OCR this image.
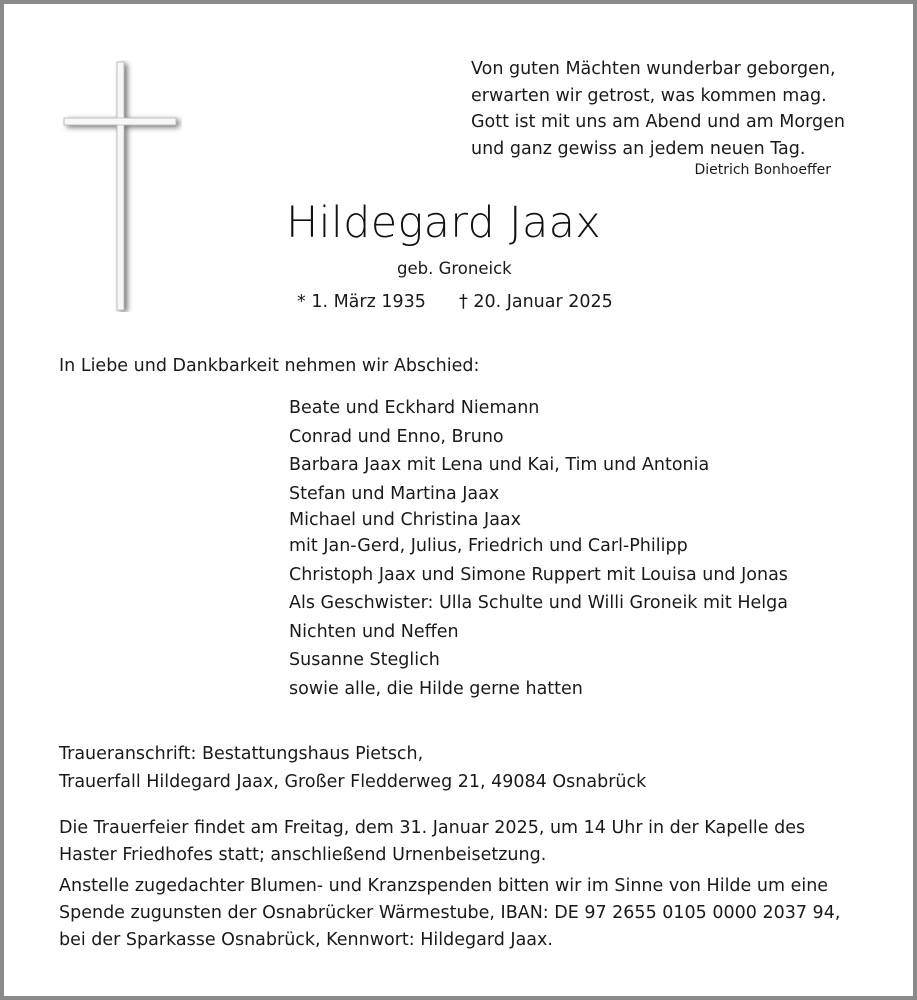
Von guten Mächten wunderbar geborgen,
erwarten wir getrost, was kommen mag.
Gott ist mit uns am Abend und am Morgen
und ganz gewiss an jedem neuen Tag.
Dietrich Bonhoeffer
Hildegard Jaax
geb. Groneick
* 1. März 1935 † 20. Januar 2025
In Liebe und Dankbarkeit nehmen wir Abschied:
Beate und Eckhard Niemann
Conrad und Enno, Bruno
Barbara Jaax mit Lena und Kai, Tim und Antonia
Stefan und Martina Jaax
Michael und Christina Jaax
mit Jan-Gerd, Julius, Friedrich und Carl-Philipp
Christoph Jaax und Simone Ruppert mit Louisa und Jonas
Als Geschwister: Ulla Schulte und Willi Groneik mit Helga
Nichten und Neffen
Susanne Steglich
sowie alle, die Hilde gerne hatten
Traueranschrift: Bestattungshaus Pietsch,
Trauerfall Hildegard Jaax, Großer Fledderweg 21, 49084 Osnabrück
Die Trauerfeier findet am Freitag, dem 31. Januar 2025, um 14 Uhr in der Kapelle des
Haster Friedhofes statt; anschließend Urnenbeisetzung.
Anstelle zugedachter Blumen- und Kranzspenden bitten wir im Sinne von Hilde um eine
Spende zugunsten der Osnabrücker Wärmestube, IBAN: DE 97 2655 0105 0000 2037 94,
bei der Sparkasse Osnabrück, Kennwort: Hildegard Jaax.
